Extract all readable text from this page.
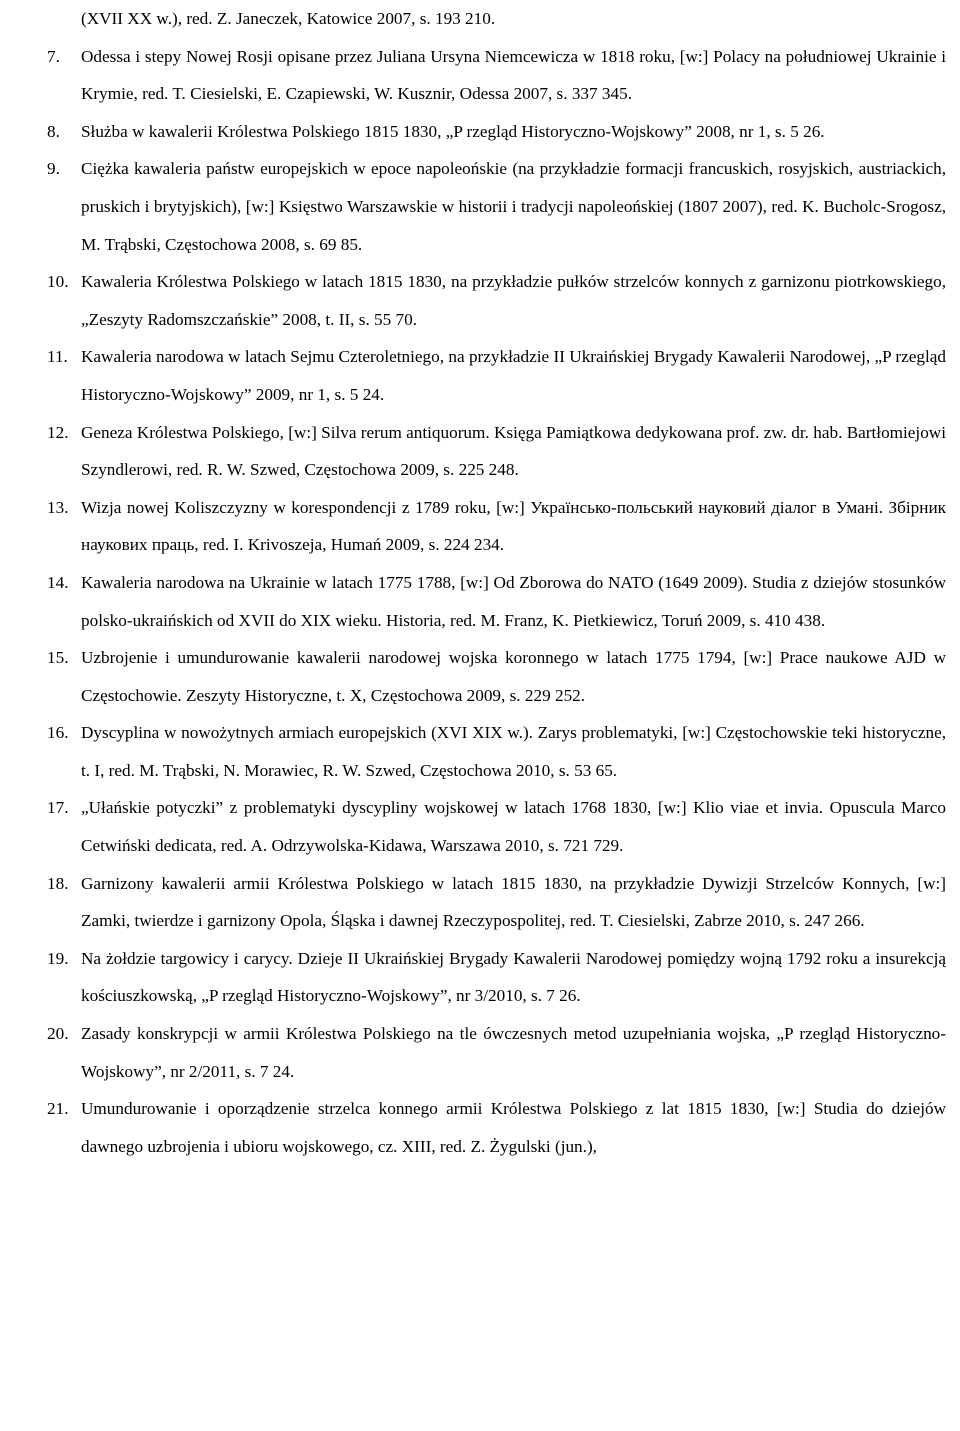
(XVII XX w.), red. Z. Janeczek, Katowice 2007, s. 193 210.

7. Odessa i stepy Nowej Rosji opisane przez Juliana Ursyna Niemcewicza w 1818 roku, [w:] Polacy na południowej Ukrainie i Krymie, red. T. Ciesielski, E. Czapiewski, W. Kusznir, Odessa 2007, s. 337 345.
8. Służba w kawalerii Królestwa Polskiego 1815 1830, „P rzegląd Historyczno-Wojskowy” 2008, nr 1, s. 5 26.
9. Ciężka kawaleria państw europejskich w epoce napoleońskie (na przykładzie formacji francuskich, rosyjskich, austriackich, pruskich i brytyjskich), [w:] Księstwo Warszawskie w historii i tradycji napoleońskiej (1807 2007), red. K. Bucholc-Srogosz, M. Trąbski, Częstochowa 2008, s. 69 85.
10. Kawaleria Królestwa Polskiego w latach 1815 1830, na przykładzie pułków strzelców konnych z garnizonu piotrkowskiego, „Zeszyty Radomszczańskie” 2008, t. II, s. 55 70.
11. Kawaleria narodowa w latach Sejmu Czteroletniego, na przykładzie II Ukraińskiej Brygady Kawalerii Narodowej, „P rzegląd Historyczno-Wojskowy” 2009, nr 1, s. 5 24.
12. Geneza Królestwa Polskiego, [w:] Silva rerum antiquorum. Księga Pamiątkowa dedykowana prof. zw. dr. hab. Bartłomiejowi Szyndlerowi, red. R. W. Szwed, Częstochowa 2009, s. 225 248.
13. Wizja nowej Koliszczyzny w korespondencji z 1789 roku, [w:] Українсько-польський науковий діалог в Умані. Збірник наукових праць, red. I. Krivoszeja, Humań 2009, s. 224 234.
14. Kawaleria narodowa na Ukrainie w latach 1775 1788, [w:] Od Zborowa do NATO (1649 2009). Studia z dziejów stosunków polsko-ukraińskich od XVII do XIX wieku. Historia, red. M. Franz, K. Pietkiewicz, Toruń 2009, s. 410 438.
15. Uzbrojenie i umundurowanie kawalerii narodowej wojska koronnego w latach 1775 1794, [w:] Prace naukowe AJD w Częstochowie. Zeszyty Historyczne, t. X, Częstochowa 2009, s. 229 252.
16. Dyscyplina w nowożytnych armiach europejskich (XVI XIX w.). Zarys problematyki, [w:] Częstochowskie teki historyczne, t. I, red. M. Trąbski, N. Morawiec, R. W. Szwed, Częstochowa 2010, s. 53 65.
17. „Ułańskie potyczki” z problematyki dyscypliny wojskowej w latach 1768 1830, [w:] Klio viae et invia. Opuscula Marco Cetwiński dedicata, red. A. Odrzywolska-Kidawa, Warszawa 2010, s. 721 729.
18. Garnizony kawalerii armii Królestwa Polskiego w latach 1815 1830, na przykładzie Dywizji Strzelców Konnych, [w:] Zamki, twierdze i garnizony Opola, Śląska i dawnej Rzeczypospolitej, red. T. Ciesielski, Zabrze 2010, s. 247 266.
19. Na żołdzie targowicy i carycy. Dzieje II Ukraińskiej Brygady Kawalerii Narodowej pomiędzy wojną 1792 roku a insurekcją kościuszkowską, „P rzegląd Historyczno-Wojskowy”, nr 3/2010, s. 7 26.
20. Zasady konskrypcji w armii Królestwa Polskiego na tle ówczesnych metod uzupełniania wojska, „P rzegląd Historyczno-Wojskowy”, nr 2/2011, s. 7 24.
21. Umundurowanie i oporządzenie strzelca konnego armii Królestwa Polskiego z lat 1815 1830, [w:] Studia do dziejów dawnego uzbrojenia i ubioru wojskowego, cz. XIII, red. Z. Żygulski (jun.),
